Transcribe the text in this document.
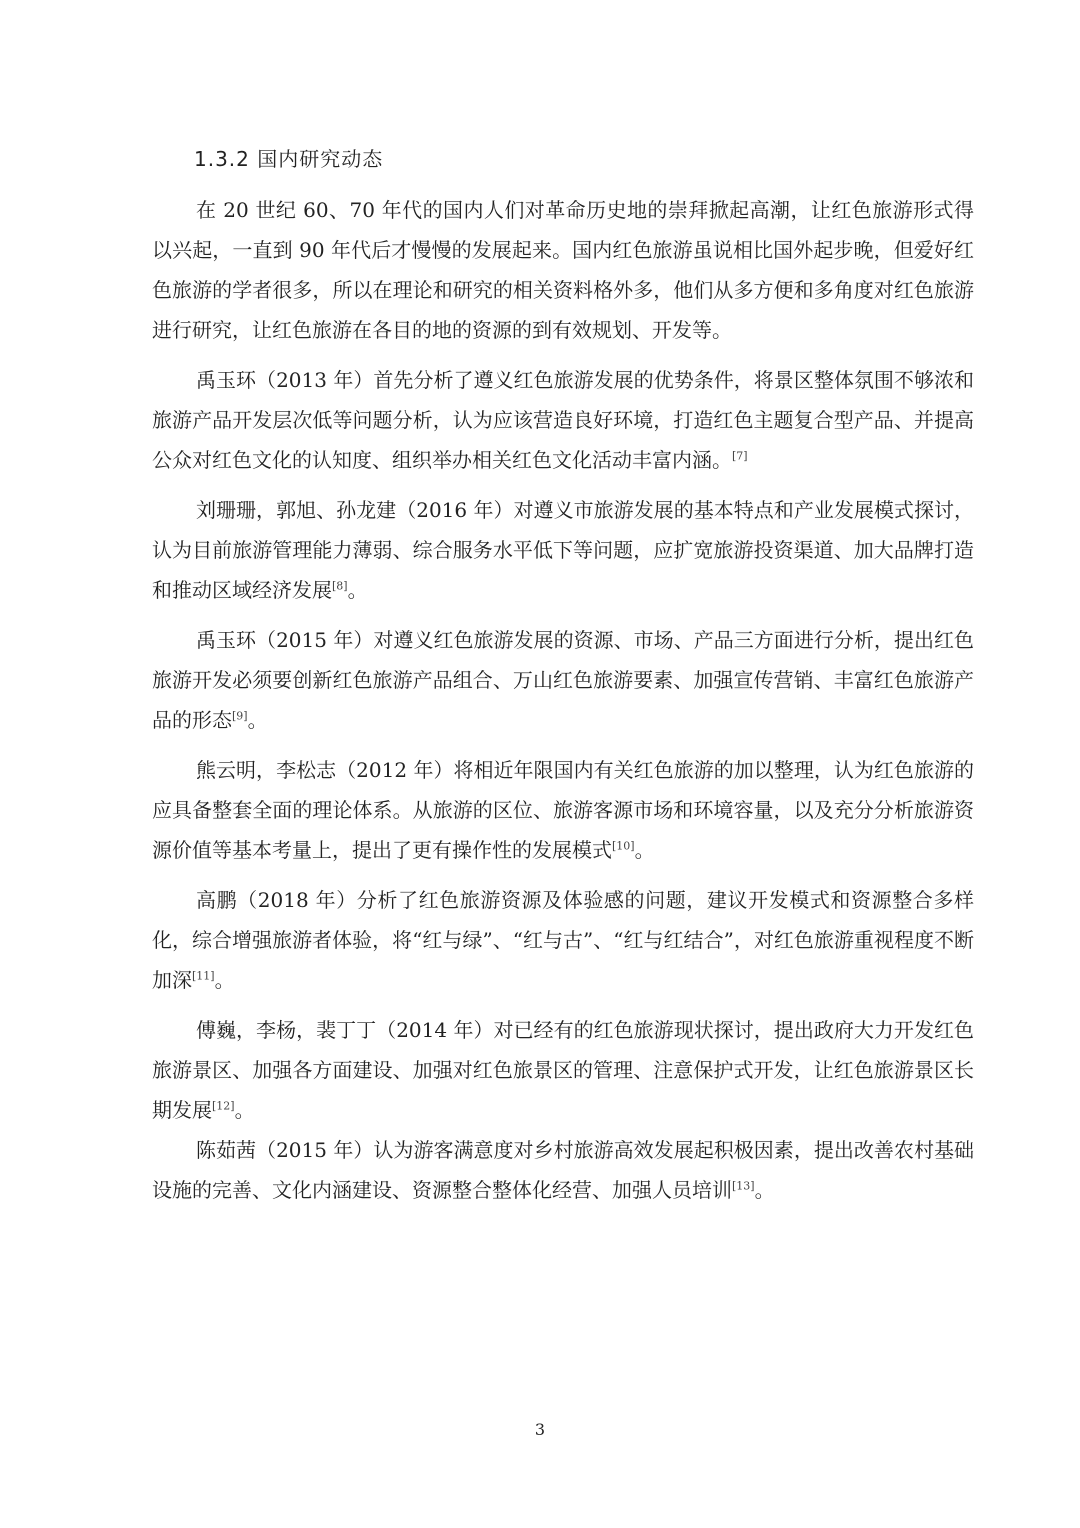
1.3.2 国内研究动态

在 20 世纪 60、70 年代的国内人们对革命历史地的崇拜掀起高潮，让红色旅游形式得以兴起，一直到 90 年代后才慢慢的发展起来。国内红色旅游虽说相比国外起步晚，但爱好红色旅游的学者很多，所以在理论和研究的相关资料格外多，他们从多方便和多角度对红色旅游进行研究，让红色旅游在各目的地的资源的到有效规划、开发等。

禹玉环（2013 年）首先分析了遵义红色旅游发展的优势条件，将景区整体氛围不够浓和旅游产品开发层次低等问题分析，认为应该营造良好环境，打造红色主题复合型产品、并提高公众对红色文化的认知度、组织举办相关红色文化活动丰富内涵。[7]

刘珊珊，郭旭、孙龙建（2016 年）对遵义市旅游发展的基本特点和产业发展模式探讨，认为目前旅游管理能力薄弱、综合服务水平低下等问题，应扩宽旅游投资渠道、加大品牌打造和推动区域经济发展[8]。

禹玉环（2015 年）对遵义红色旅游发展的资源、市场、产品三方面进行分析，提出红色旅游开发必须要创新红色旅游产品组合、万山红色旅游要素、加强宣传营销、丰富红色旅游产品的形态[9]。

熊云明，李松志（2012 年）将相近年限国内有关红色旅游的加以整理，认为红色旅游的应具备整套全面的理论体系。从旅游的区位、旅游客源市场和环境容量，以及充分分析旅游资源价值等基本考量上，提出了更有操作性的发展模式[10]。

高鹏（2018 年）分析了红色旅游资源及体验感的问题，建议开发模式和资源整合多样化，综合增强旅游者体验，将“红与绿”、“红与古”、“红与红结合”，对红色旅游重视程度不断加深[11]。

傅巍，李杨，裴丁丁（2014 年）对已经有的红色旅游现状探讨，提出政府大力开发红色旅游景区、加强各方面建设、加强对红色旅景区的管理、注意保护式开发，让红色旅游景区长期发展[12]。

陈茹茜（2015 年）认为游客满意度对乡村旅游高效发展起积极因素，提出改善农村基础设施的完善、文化内涵建设、资源整合整体化经营、加强人员培训[13]。

3
